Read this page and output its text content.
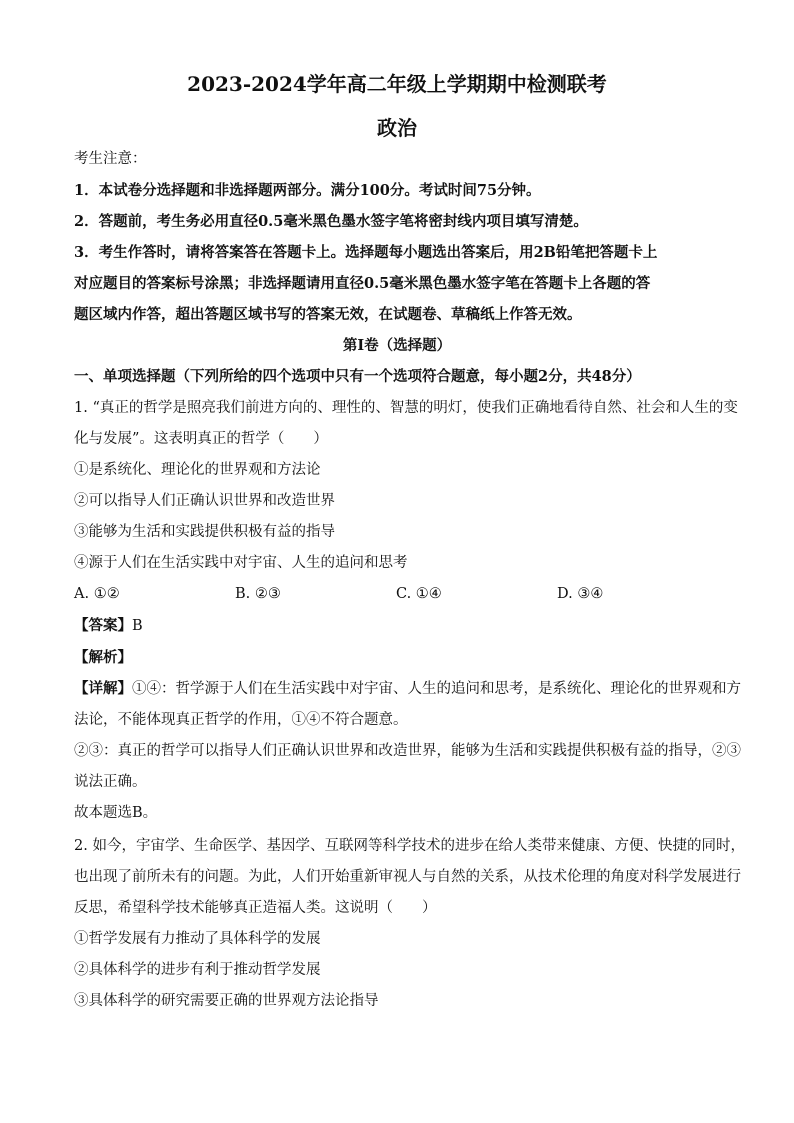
2023-2024学年高二年级上学期期中检测联考
政治

考生注意：

1．本试卷分选择题和非选择题两部分。满分100分。考试时间75分钟。

2．答题前，考生务必用直径0.5毫米黑色墨水签字笔将密封线内项目填写清楚。

3．考生作答时，请将答案答在答题卡上。选择题每小题选出答案后，用2B铅笔把答题卡上

对应题目的答案标号涂黑；非选择题请用直径0.5毫米黑色墨水签字笔在答题卡上各题的答

题区域内作答，超出答题区域书写的答案无效，在试题卷、草稿纸上作答无效。

第Ⅰ卷（选择题）

一、单项选择题（下列所给的四个选项中只有一个选项符合题意，每小题2分，共48分）

1. “真正的哲学是照亮我们前进方向的、理性的、智慧的明灯，使我们正确地看待自然、社会和人生的变

化与发展”。这表明真正的哲学（　　）

①是系统化、理论化的世界观和方法论

②可以指导人们正确认识世界和改造世界

③能够为生活和实践提供积极有益的指导

④源于人们在生活实践中对宇宙、人生的追问和思考

A. ①②	B. ②③	C. ①④	D. ③④

【答案】B

【解析】

【详解】①④：哲学源于人们在生活实践中对宇宙、人生的追问和思考，是系统化、理论化的世界观和方

法论，不能体现真正哲学的作用，①④不符合题意。

②③：真正的哲学可以指导人们正确认识世界和改造世界，能够为生活和实践提供积极有益的指导，②③

说法正确。

故本题选B。

2. 如今，宇宙学、生命医学、基因学、互联网等科学技术的进步在给人类带来健康、方便、快捷的同时，

也出现了前所未有的问题。为此，人们开始重新审视人与自然的关系，从技术伦理的角度对科学发展进行

反思，希望科学技术能够真正造福人类。这说明（　　）

①哲学发展有力推动了具体科学的发展

②具体科学的进步有利于推动哲学发展

③具体科学的研究需要正确的世界观方法论指导
